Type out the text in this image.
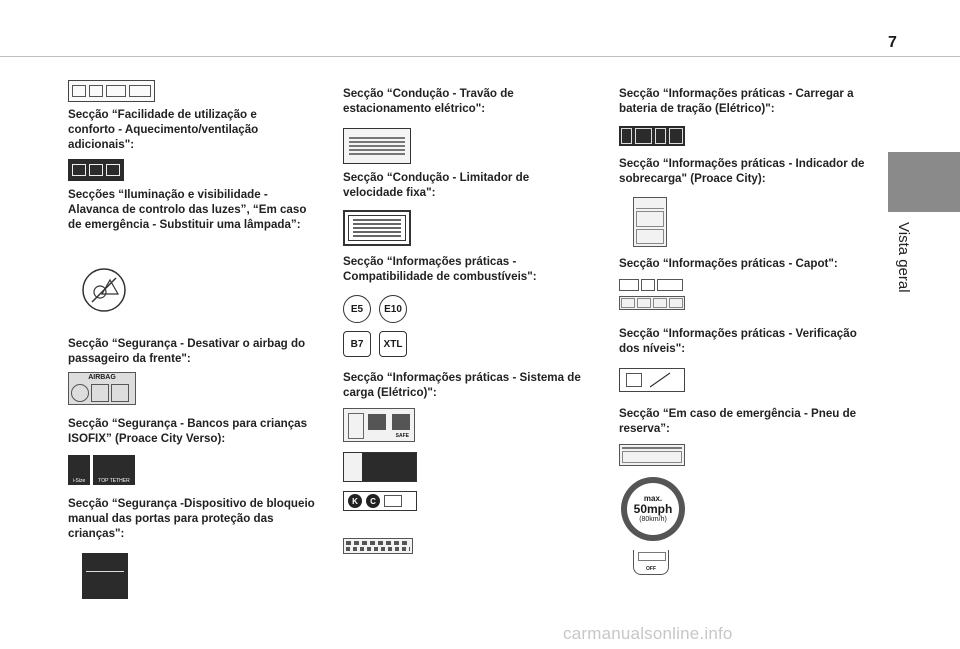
7
Vista geral

Secção “Facilidade de utilização e conforto - Aquecimento/ventilação adicionais":

Secções “Iluminação e visibilidade - Alavanca de controlo das luzes”, “Em caso de emergência - Substituir uma lâmpada”:

Secção “Segurança - Desativar o airbag do passageiro da frente":

AIRBAG

Secção “Segurança - Bancos para crianças ISOFIX” (Proace City Verso):

i-Size	TOP TETHER

Secção “Segurança -Dispositivo de bloqueio manual das portas para proteção das crianças":

Secção “Condução - Travão de estacionamento elétrico":

Secção “Condução - Limitador de velocidade fixa":

Secção “Informações práticas - Compatibilidade de combustíveis":

E5	E10
B7	XTL

Secção “Informações práticas - Sistema de carga (Elétrico)":

SAFE
K	C

Secção “Informações práticas - Carregar a bateria de tração (Elétrico)":

Secção “Informações práticas - Indicador de sobrecarga" (Proace City):

Secção “Informações práticas - Capot":

Secção “Informações práticas - Verificação dos níveis":

Secção “Em caso de emergência - Pneu de reserva”:

max.
50mph
(80km/h)
OFF
carmanualsonline.info
